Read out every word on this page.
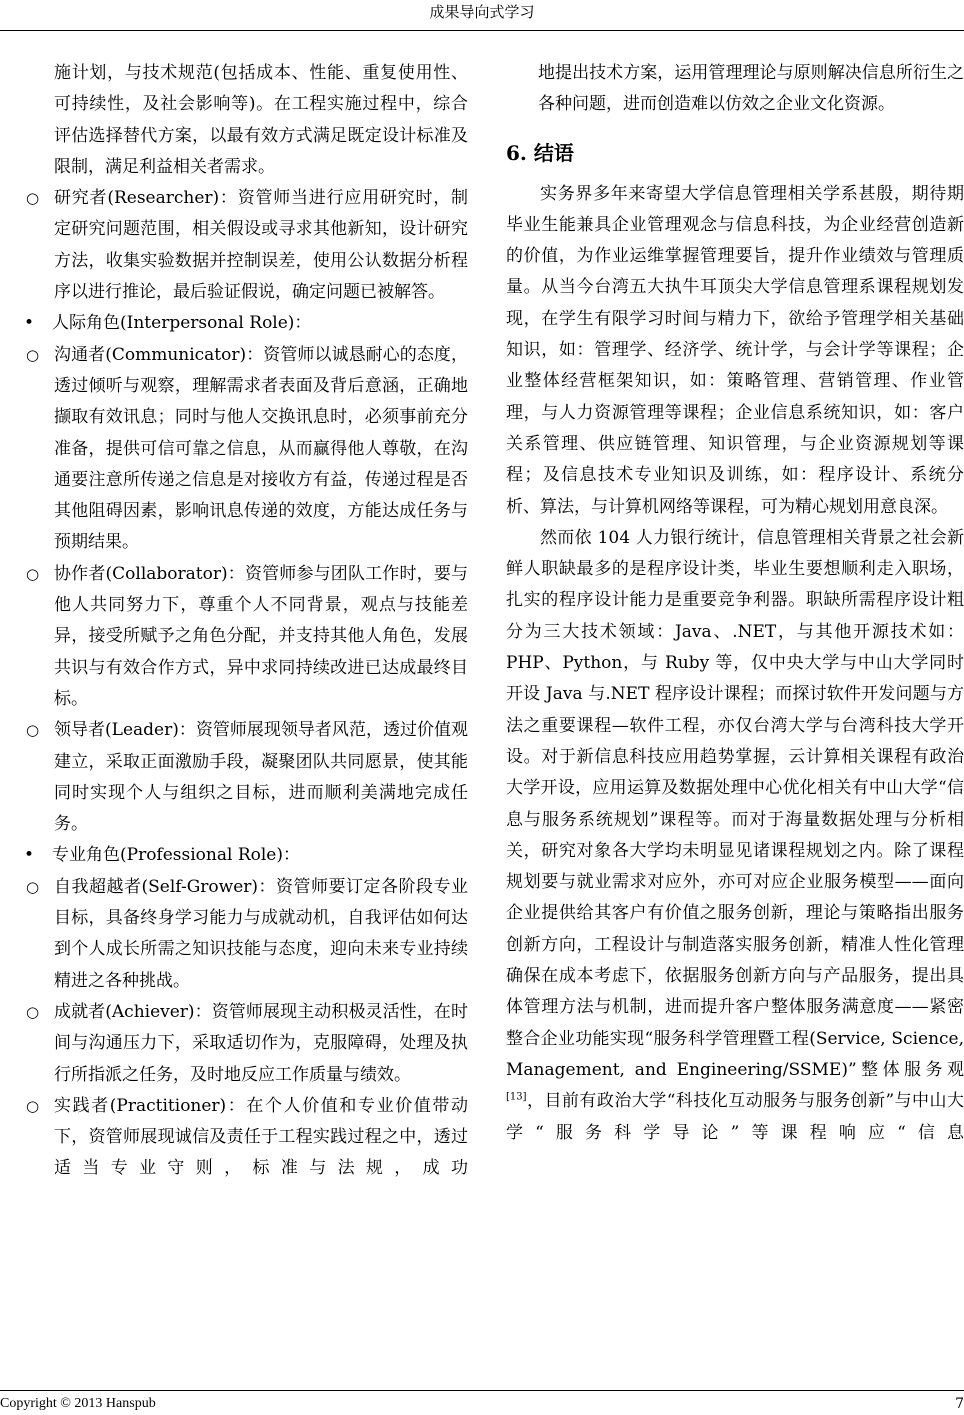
成果导向式学习

施计划，与技术规范(包括成本、性能、重复使用性、可持续性，及社会影响等)。在工程实施过程中，综合评估选择替代方案，以最有效方式满足既定设计标准及限制，满足利益相关者需求。

○ 研究者(Researcher)：资管师当进行应用研究时，制定研究问题范围，相关假设或寻求其他新知，设计研究方法，收集实验数据并控制误差，使用公认数据分析程序以进行推论，最后验证假说，确定问题已被解答。

• 人际角色(Interpersonal Role)：

○ 沟通者(Communicator)：资管师以诚恳耐心的态度，透过倾听与观察，理解需求者表面及背后意涵，正确地撷取有效讯息；同时与他人交换讯息时，必须事前充分准备，提供可信可靠之信息，从而赢得他人尊敬，在沟通要注意所传递之信息是对接收方有益，传递过程是否其他阻碍因素，影响讯息传递的效度，方能达成任务与预期结果。

○ 协作者(Collaborator)：资管师参与团队工作时，要与他人共同努力下，尊重个人不同背景，观点与技能差异，接受所赋予之角色分配，并支持其他人角色，发展共识与有效合作方式，异中求同持续改进已达成最终目标。

○ 领导者(Leader)：资管师展现领导者风范，透过价值观建立，采取正面激励手段，凝聚团队共同愿景，使其能同时实现个人与组织之目标，进而顺利美满地完成任务。

• 专业角色(Professional Role)：

○ 自我超越者(Self-Grower)：资管师要订定各阶段专业目标，具备终身学习能力与成就动机，自我评估如何达到个人成长所需之知识技能与态度，迎向未来专业持续精进之各种挑战。

○ 成就者(Achiever)：资管师展现主动积极灵活性，在时间与沟通压力下，采取适切作为，克服障碍，处理及执行所指派之任务，及时地反应工作质量与绩效。

○ 实践者(Practitioner)：在个人价值和专业价值带动下，资管师展现诚信及责任于工程实践过程之中，透过适当专业守则，标准与法规，成功

地提出技术方案，运用管理理论与原则解决信息所衍生之各种问题，进而创造难以仿效之企业文化资源。

6. 结语

实务界多年来寄望大学信息管理相关学系甚殷，期待期毕业生能兼具企业管理观念与信息科技，为企业经营创造新的价值，为作业运维掌握管理要旨，提升作业绩效与管理质量。从当今台湾五大执牛耳顶尖大学信息管理系课程规划发现，在学生有限学习时间与精力下，欲给予管理学相关基础知识，如：管理学、经济学、统计学，与会计学等课程；企业整体经营框架知识，如：策略管理、营销管理、作业管理，与人力资源管理等课程；企业信息系统知识，如：客户关系管理、供应链管理、知识管理，与企业资源规划等课程；及信息技术专业知识及训练，如：程序设计、系统分析、算法，与计算机网络等课程，可为精心规划用意良深。

然而依 104 人力银行统计，信息管理相关背景之社会新鲜人职缺最多的是程序设计类，毕业生要想顺利走入职场，扎实的程序设计能力是重要竞争利器。职缺所需程序设计粗分为三大技术领域：Java、.NET，与其他开源技术如：PHP、Python，与 Ruby 等，仅中央大学与中山大学同时开设 Java 与.NET 程序设计课程；而探讨软件开发问题与方法之重要课程—软件工程，亦仅台湾大学与台湾科技大学开设。对于新信息科技应用趋势掌握，云计算相关课程有政治大学开设，应用运算及数据处理中心优化相关有中山大学“信息与服务系统规划”课程等。而对于海量数据处理与分析相关，研究对象各大学均未明显见诸课程规划之内。除了课程规划要与就业需求对应外，亦可对应企业服务模型——面向企业提供给其客户有价值之服务创新，理论与策略指出服务创新方向，工程设计与制造落实服务创新，精准人性化管理确保在成本考虑下，依据服务创新方向与产品服务，提出具体管理方法与机制，进而提升客户整体服务满意度——紧密整合企业功能实现“服务科学管理暨工程(Service, Science, Management, and Engineering/SSME)”整体服务观[13]，目前有政治大学“科技化互动服务与服务创新”与中山大学“服务科学导论”等课程响应“信息

Copyright © 2013 Hanspub	7
